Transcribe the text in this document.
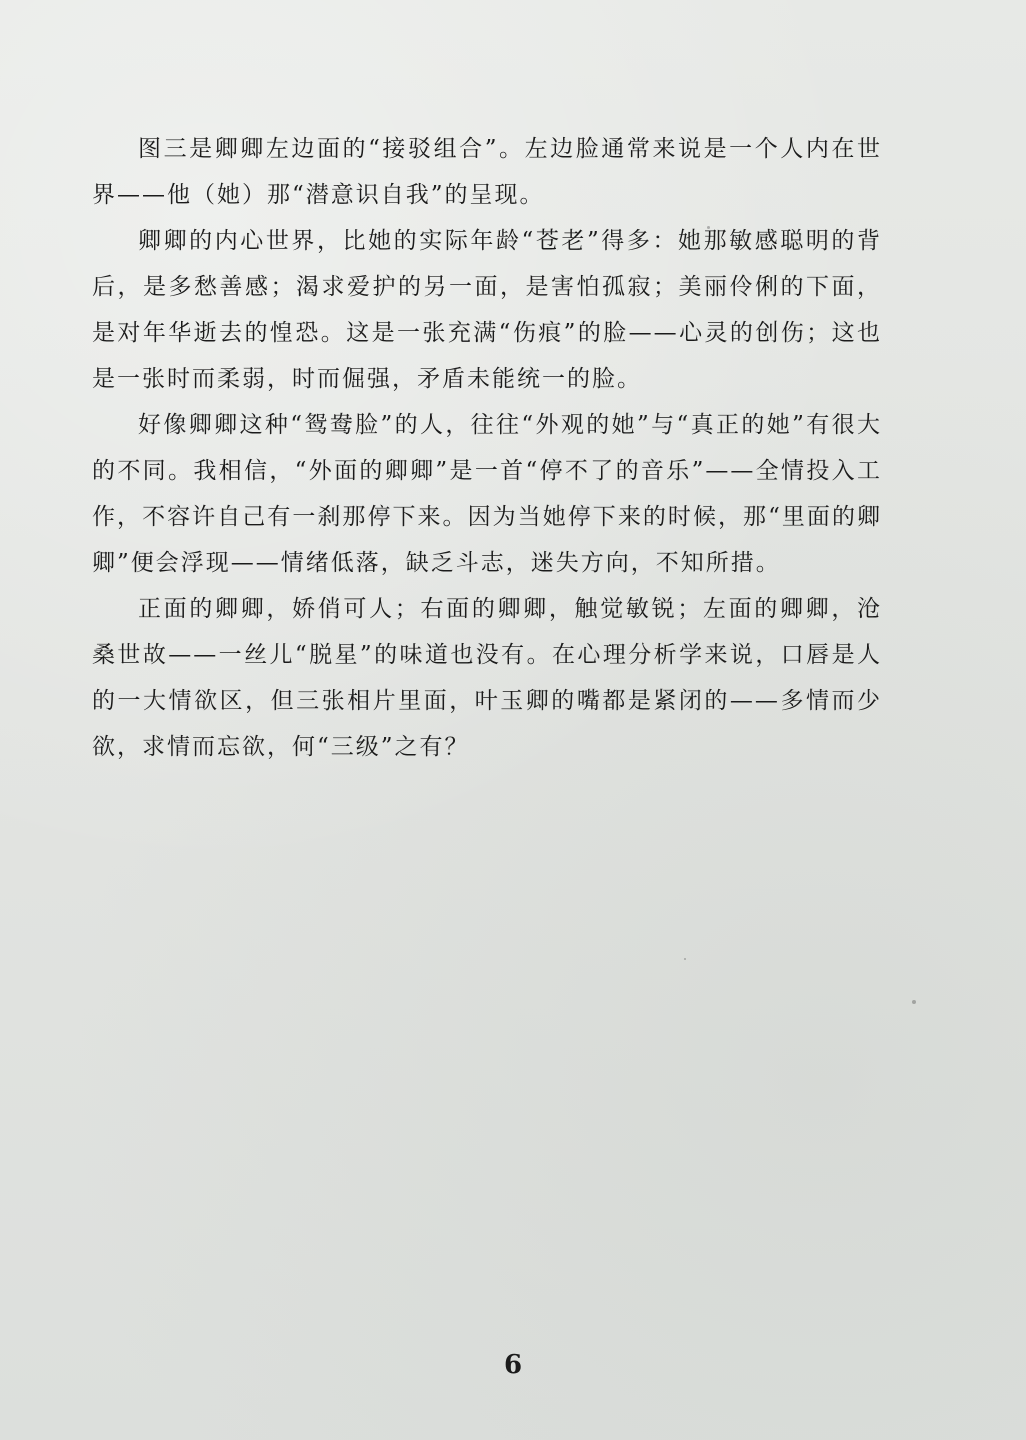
图三是卿卿左边面的“接驳组合”。左边脸通常来说是一个人内在世界——他（她）那“潜意识自我”的呈现。

卿卿的内心世界，比她的实际年龄“苍老”得多：她那敏感聪明的背后，是多愁善感；渴求爱护的另一面，是害怕孤寂；美丽伶俐的下面，是对年华逝去的惶恐。这是一张充满“伤痕”的脸——心灵的创伤；这也是一张时而柔弱，时而倔强，矛盾未能统一的脸。

好像卿卿这种“鸳鸯脸”的人，往往“外观的她”与“真正的她”有很大的不同。我相信，“外面的卿卿”是一首“停不了的音乐”——全情投入工作，不容许自己有一刹那停下来。因为当她停下来的时候，那“里面的卿卿”便会浮现——情绪低落，缺乏斗志，迷失方向，不知所措。

正面的卿卿，娇俏可人；右面的卿卿，触觉敏锐；左面的卿卿，沧桑世故——一丝儿“脱星”的味道也没有。在心理分析学来说，口唇是人的一大情欲区，但三张相片里面，叶玉卿的嘴都是紧闭的——多情而少欲，求情而忘欲，何“三级”之有？

6
